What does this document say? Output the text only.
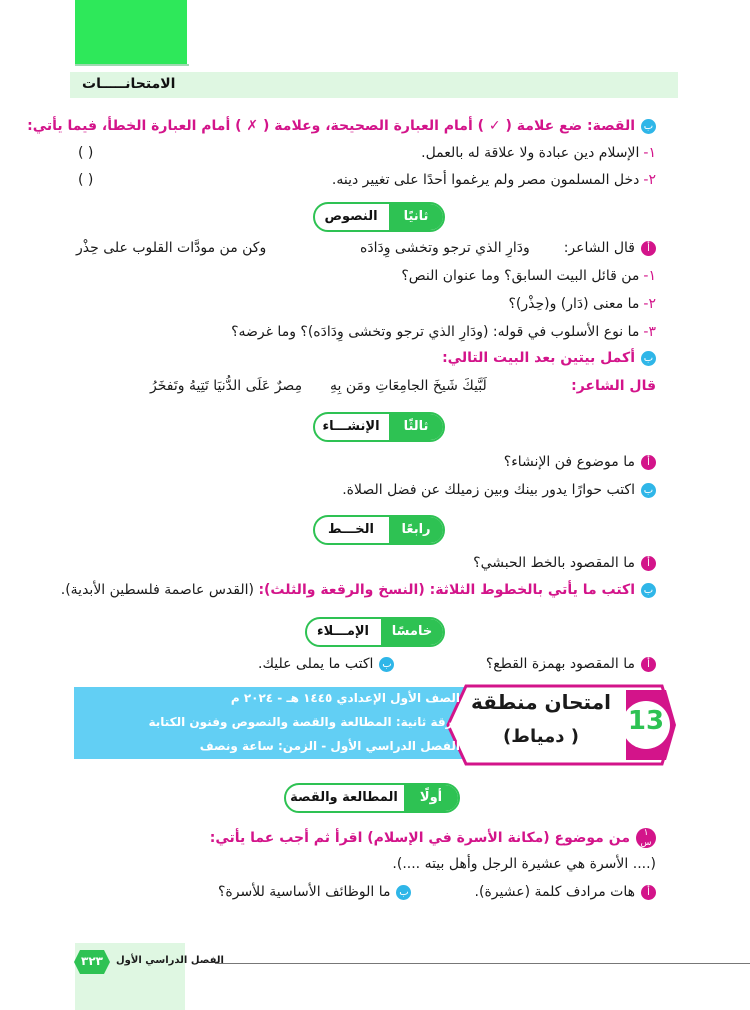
الامتحانـــــات
بالقصة: ضع علامة ( ✓ ) أمام العبارة الصحيحة، وعلامة ( ✗ ) أمام العبارة الخطأ، فيما يأتي:
١-الإسلام دين عبادة ولا علاقة له بالعمل.
( )
٢-دخل المسلمون مصر ولم يرغموا أحدًا على تغيير دينه.
( )
ثانيًا
النصوص
أقال الشاعر:
ودَارِ الذي ترجو وتخشى وِدَادَه
وكن من مودَّات القلوب على حِذْر
١-من قائل البيت السابق؟ وما عنوان النص؟
٢-ما معنى (دَار) و(حِذْر)؟
٣-ما نوع الأسلوب في قوله: (ودَارِ الذي ترجو وتخشى وِدَادَه)؟ وما غرضه؟
بأكمل بيتين بعد البيت التالي:
قال الشاعر:
لَبَّيكَ شَيخَ الجامِعَاتِ ومَن بِهِ
مِصرٌ عَلَى الدُّنيَا تَتِيهُ وتَفخَرُ
ثالثًا
الإنشـــاء
أما موضوع فن الإنشاء؟
باكتب حوارًا يدور بينك وبين زميلك عن فضل الصلاة.
رابعًا
الخـــط
أما المقصود بالخط الحبشي؟
باكتب ما يأتي بالخطوط الثلاثة: (النسخ والرقعة والثلث): (القدس عاصمة فلسطين الأبدية).
خامسًا
الإمـــلاء
أما المقصود بهمزة القطع؟
باكتب ما يملى عليك.
الصف الأول الإعدادي ١٤٤٥ هـ - ٢٠٢٤ م
ورقة ثانية: المطالعة والقصة والنصوص وفنون الكتابة
الفصل الدراسي الأول - الزمن: ساعة ونصف
امتحان منطقة
( دمياط)
13
أولًا
المطالعة والقصة
١
سمن موضوع (مكانة الأسرة في الإسلام) اقرأ ثم أجب عما يأتي:
(.... الأسرة هي عشيرة الرجل وأهل بيته ....).
أهات مرادف كلمة (عشيرة).
بما الوظائف الأساسية للأسرة؟
٣٢٣	الفصل الدراسي الأول
